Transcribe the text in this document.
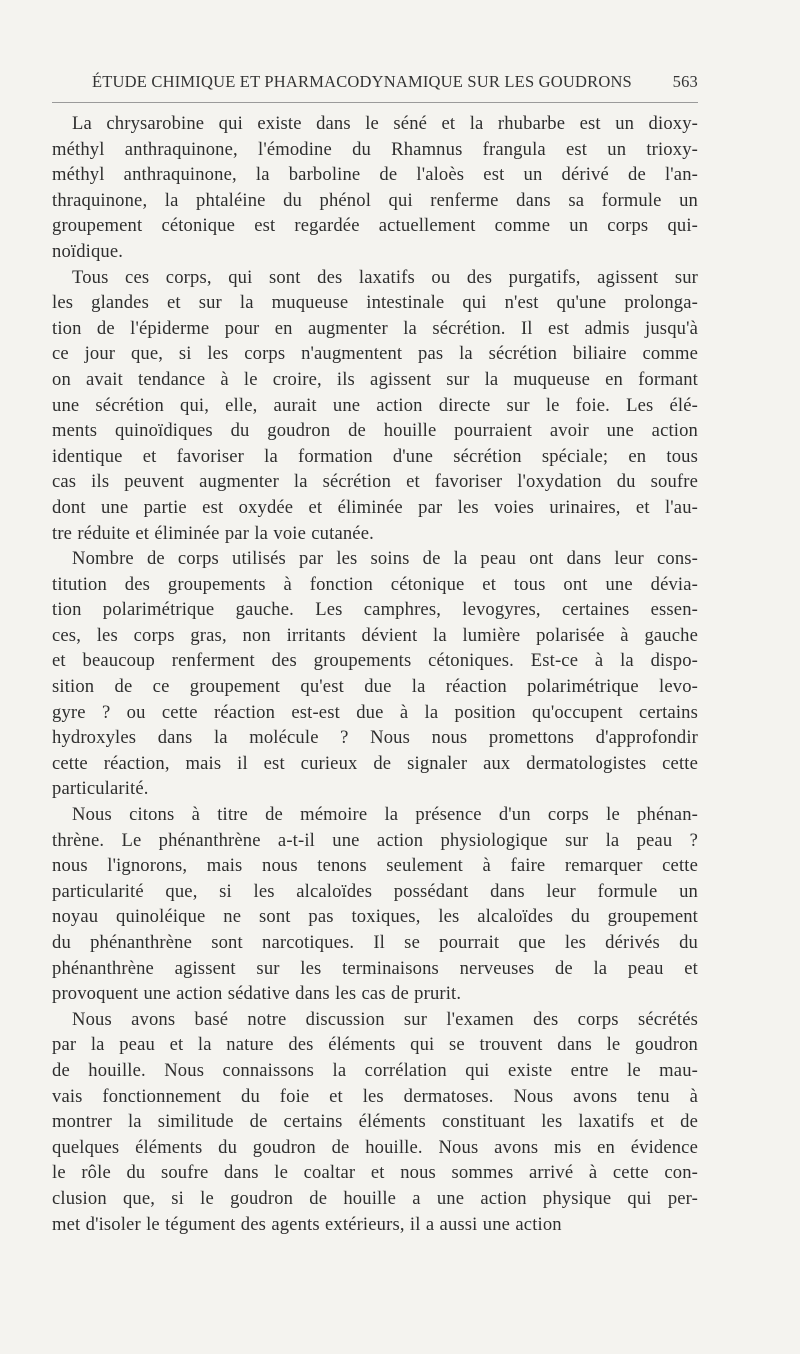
ÉTUDE CHIMIQUE ET PHARMACODYNAMIQUE SUR LES GOUDRONS 563
La chrysarobine qui existe dans le séné et la rhubarbe est un dioxy-
méthyl anthraquinone, l'émodine du Rhamnus frangula est un trioxy-
méthyl anthraquinone, la barboline de l'aloès est un dérivé de l'an-
thraquinone, la phtaléine du phénol qui renferme dans sa formule un
groupement cétonique est regardée actuellement comme un corps qui-
noïdique.
Tous ces corps, qui sont des laxatifs ou des purgatifs, agissent sur
les glandes et sur la muqueuse intestinale qui n'est qu'une prolonga-
tion de l'épiderme pour en augmenter la sécrétion. Il est admis jusqu'à
ce jour que, si les corps n'augmentent pas la sécrétion biliaire comme
on avait tendance à le croire, ils agissent sur la muqueuse en formant
une sécrétion qui, elle, aurait une action directe sur le foie. Les élé-
ments quinoïdiques du goudron de houille pourraient avoir une action
identique et favoriser la formation d'une sécrétion spéciale; en tous
cas ils peuvent augmenter la sécrétion et favoriser l'oxydation du soufre
dont une partie est oxydée et éliminée par les voies urinaires, et l'au-
tre réduite et éliminée par la voie cutanée.
Nombre de corps utilisés par les soins de la peau ont dans leur cons-
titution des groupements à fonction cétonique et tous ont une dévia-
tion polarimétrique gauche. Les camphres, levogyres, certaines essen-
ces, les corps gras, non irritants dévient la lumière polarisée à gauche
et beaucoup renferment des groupements cétoniques. Est-ce à la dispo-
sition de ce groupement qu'est due la réaction polarimétrique levo-
gyre ? ou cette réaction est-est due à la position qu'occupent certains
hydroxyles dans la molécule ? Nous nous promettons d'approfondir
cette réaction, mais il est curieux de signaler aux dermatologistes cette
particularité.
Nous citons à titre de mémoire la présence d'un corps le phénan-
thrène. Le phénanthrène a-t-il une action physiologique sur la peau ?
nous l'ignorons, mais nous tenons seulement à faire remarquer cette
particularité que, si les alcaloïdes possédant dans leur formule un
noyau quinoléique ne sont pas toxiques, les alcaloïdes du groupement
du phénanthrène sont narcotiques. Il se pourrait que les dérivés du
phénanthrène agissent sur les terminaisons nerveuses de la peau et
provoquent une action sédative dans les cas de prurit.
Nous avons basé notre discussion sur l'examen des corps sécrétés
par la peau et la nature des éléments qui se trouvent dans le goudron
de houille. Nous connaissons la corrélation qui existe entre le mau-
vais fonctionnement du foie et les dermatoses. Nous avons tenu à
montrer la similitude de certains éléments constituant les laxatifs et de
quelques éléments du goudron de houille. Nous avons mis en évidence
le rôle du soufre dans le coaltar et nous sommes arrivé à cette con-
clusion que, si le goudron de houille a une action physique qui per-
met d'isoler le tégument des agents extérieurs, il a aussi une action
